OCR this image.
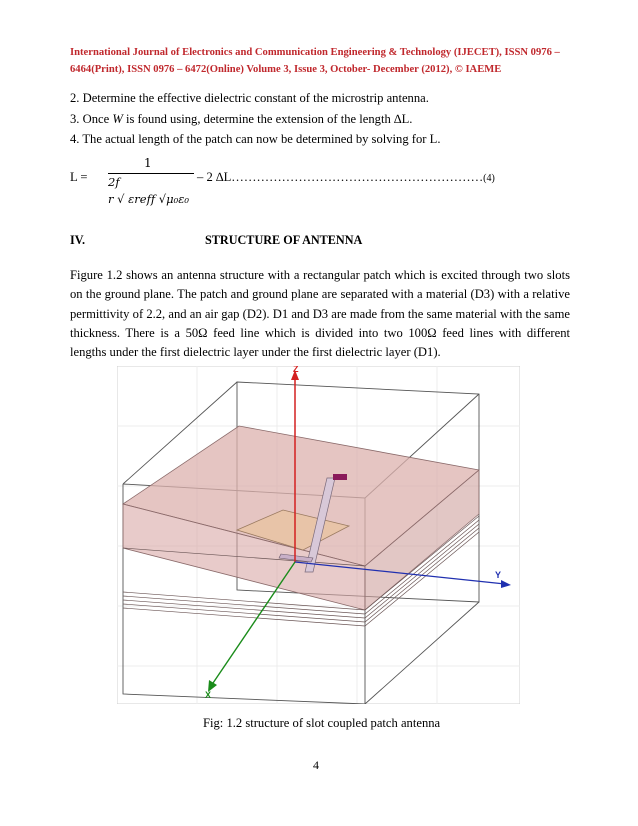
International Journal of Electronics and Communication Engineering & Technology (IJECET), ISSN 0976 –
6464(Print), ISSN 0976 – 6472(Online) Volume 3, Issue 3, October- December (2012), © IAEME
2. Determine the effective dielectric constant of the microstrip antenna.
3. Once W is found using, determine the extension of the length ∆L.
4. The actual length of the patch can now be determined by solving for L.
L =
1
2𝑓
𝑟 √ 𝜀𝑟𝑒𝑓𝑓 √𝜇₀𝜀₀
– 2 ∆L……………………………………………………(4)
IV.	STRUCTURE OF ANTENNA
Figure 1.2 shows an antenna structure with a rectangular patch which is excited through two slots on the ground plane. The patch and ground plane are separated with a material (D3) with a relative permittivity of 2.2, and an air gap (D2). D1 and D3 are made from the same material with the same thickness. There is a 50Ω feed line which is divided into two 100Ω feed lines with different lengths under the first dielectric layer under the first dielectric layer (D1).
Z
Y
X
Fig: 1.2 structure of slot coupled patch antenna
4
